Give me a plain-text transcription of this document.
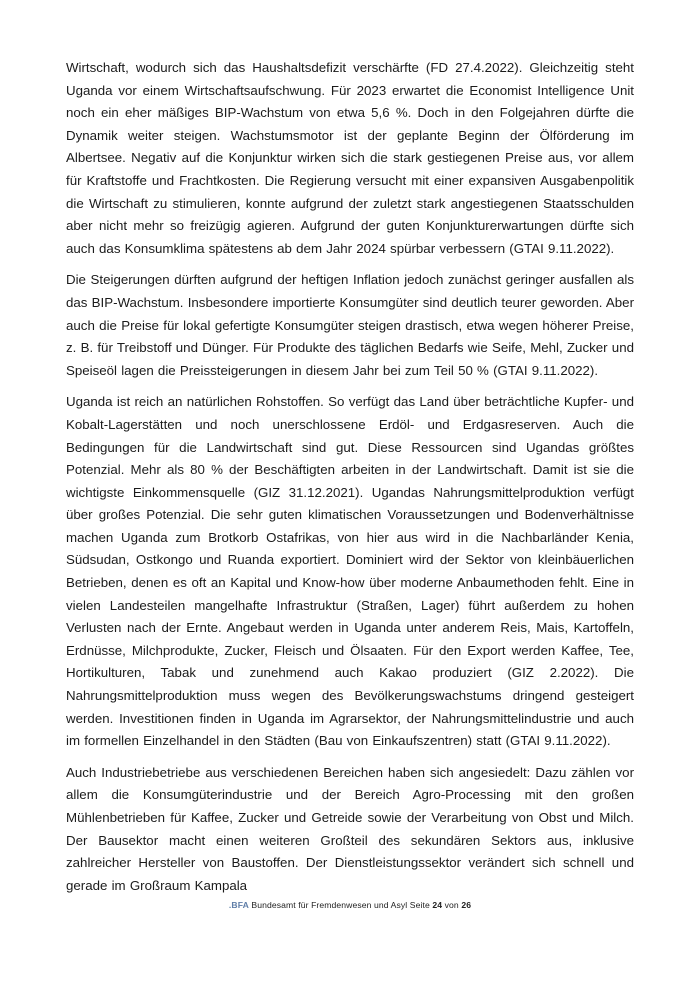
Wirtschaft, wodurch sich das Haushaltsdefizit verschärfte (FD 27.4.2022). Gleichzeitig steht Uganda vor einem Wirtschaftsaufschwung. Für 2023 erwartet die Economist Intelligence Unit noch ein eher mäßiges BIP-Wachstum von etwa 5,6 %. Doch in den Folgejahren dürfte die Dynamik weiter steigen. Wachstumsmotor ist der geplante Beginn der Ölförderung im Albertsee. Negativ auf die Konjunktur wirken sich die stark gestiegenen Preise aus, vor allem für Kraftstoffe und Frachtkosten. Die Regierung versucht mit einer expansiven Ausgabenpolitik die Wirtschaft zu stimulieren, konnte aufgrund der zuletzt stark angestiegenen Staatsschulden aber nicht mehr so freizügig agieren. Aufgrund der guten Konjunkturerwartungen dürfte sich auch das Konsumklima spätestens ab dem Jahr 2024 spürbar verbessern (GTAI 9.11.2022).

Die Steigerungen dürften aufgrund der heftigen Inflation jedoch zunächst geringer ausfallen als das BIP-Wachstum. Insbesondere importierte Konsumgüter sind deutlich teurer geworden. Aber auch die Preise für lokal gefertigte Konsumgüter steigen drastisch, etwa wegen höherer Preise, z. B. für Treibstoff und Dünger. Für Produkte des täglichen Bedarfs wie Seife, Mehl, Zucker und Speiseöl lagen die Preissteigerungen in diesem Jahr bei zum Teil 50 % (GTAI 9.11.2022).

Uganda ist reich an natürlichen Rohstoffen. So verfügt das Land über beträchtliche Kupfer- und Kobalt-Lagerstätten und noch unerschlossene Erdöl- und Erdgasreserven. Auch die Bedingungen für die Landwirtschaft sind gut. Diese Ressourcen sind Ugandas größtes Potenzial. Mehr als 80 % der Beschäftigten arbeiten in der Landwirtschaft. Damit ist sie die wichtigste Einkommensquelle (GIZ 31.12.2021). Ugandas Nahrungsmittelproduktion verfügt über großes Potenzial. Die sehr guten klimatischen Voraussetzungen und Bodenverhältnisse machen Uganda zum Brotkorb Ostafrikas, von hier aus wird in die Nachbarländer Kenia, Südsudan, Ostkongo und Ruanda exportiert. Dominiert wird der Sektor von kleinbäuerlichen Betrieben, denen es oft an Kapital und Know-how über moderne Anbaumethoden fehlt. Eine in vielen Landesteilen mangelhafte Infrastruktur (Straßen, Lager) führt außerdem zu hohen Verlusten nach der Ernte. Angebaut werden in Uganda unter anderem Reis, Mais, Kartoffeln, Erdnüsse, Milchprodukte, Zucker, Fleisch und Ölsaaten. Für den Export werden Kaffee, Tee, Hortikulturen, Tabak und zunehmend auch Kakao produziert (GIZ 2.2022). Die Nahrungsmittelproduktion muss wegen des Bevölkerungswachstums dringend gesteigert werden. Investitionen finden in Uganda im Agrarsektor, der Nahrungsmittelindustrie und auch im formellen Einzelhandel in den Städten (Bau von Einkaufszentren) statt (GTAI 9.11.2022).

Auch Industriebetriebe aus verschiedenen Bereichen haben sich angesiedelt: Dazu zählen vor allem die Konsumgüterindustrie und der Bereich Agro-Processing mit den großen Mühlenbetrieben für Kaffee, Zucker und Getreide sowie der Verarbeitung von Obst und Milch. Der Bausektor macht einen weiteren Großteil des sekundären Sektors aus, inklusive zahlreicher Hersteller von Baustoffen. Der Dienstleistungssektor verändert sich schnell und gerade im Großraum Kampala

.BFA Bundesamt für Fremdenwesen und Asyl Seite 24 von 26
